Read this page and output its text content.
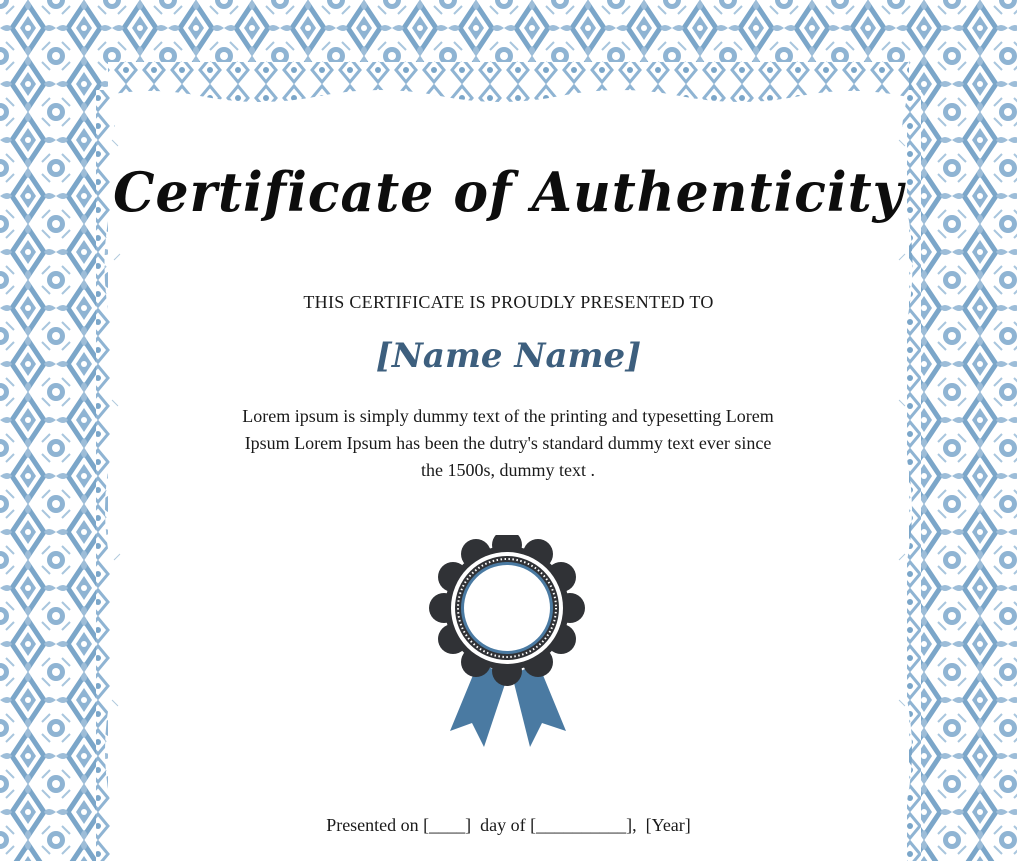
Certificate of Authenticity
THIS CERTIFICATE IS PROUDLY PRESENTED TO
[Name Name]
Lorem ipsum is simply dummy text of the printing and typesetting Lorem Ipsum Lorem Ipsum has been the dutry's standard dummy text ever since the 1500s, dummy text .
Presented on [____]  day of [__________],  [Year]
